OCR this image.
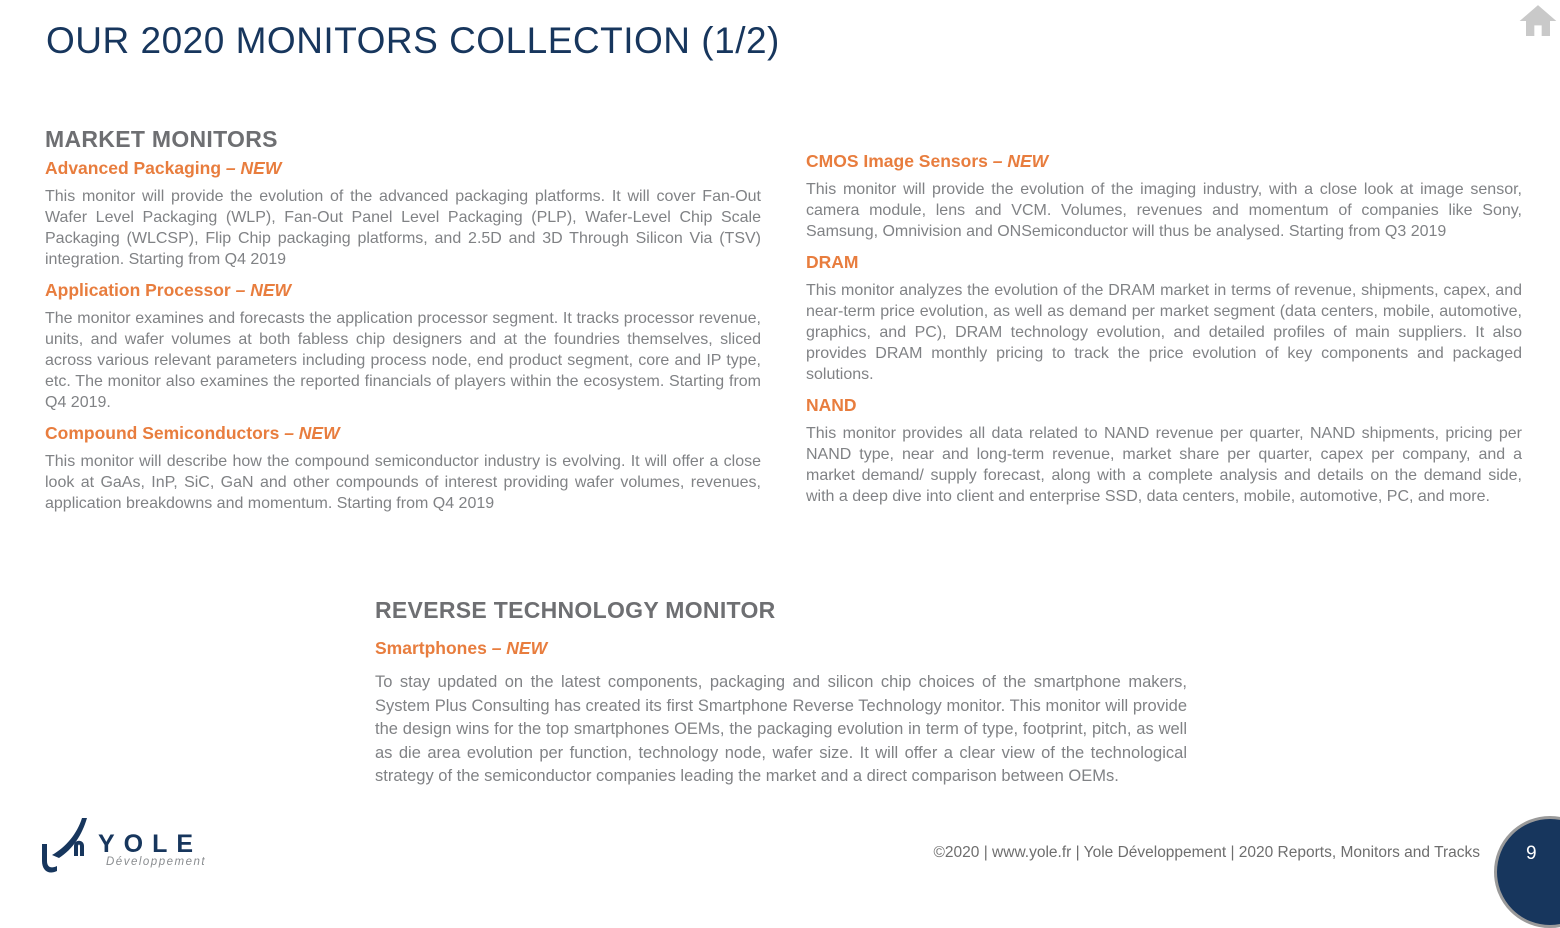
OUR 2020 MONITORS COLLECTION (1/2)
MARKET MONITORS
Advanced Packaging – NEW

This monitor will provide the evolution of the advanced packaging platforms. It will cover Fan-Out Wafer Level Packaging (WLP), Fan-Out Panel Level Packaging (PLP), Wafer-Level Chip Scale Packaging (WLCSP), Flip Chip packaging platforms, and 2.5D and 3D Through Silicon Via (TSV) integration. Starting from Q4 2019

Application Processor – NEW

The monitor examines and forecasts the application processor segment. It tracks processor revenue, units, and wafer volumes at both fabless chip designers and at the foundries themselves, sliced across various relevant parameters including process node, end product segment, core and IP type, etc. The monitor also examines the reported financials of players within the ecosystem. Starting from Q4 2019.

Compound Semiconductors – NEW

This monitor will describe how the compound semiconductor industry is evolving. It will offer a close look at GaAs, InP, SiC, GaN and other compounds of interest providing wafer volumes, revenues, application breakdowns and momentum. Starting from Q4 2019

CMOS Image Sensors – NEW

This monitor will provide the evolution of the imaging industry, with a close look at image sensor, camera module, lens and VCM. Volumes, revenues and momentum of companies like Sony, Samsung, Omnivision and ONSemiconductor will thus be analysed. Starting from Q3 2019

DRAM

This monitor analyzes the evolution of the DRAM market in terms of revenue, shipments, capex, and near-term price evolution, as well as demand per market segment (data centers, mobile, automotive, graphics, and PC), DRAM technology evolution, and detailed profiles of main suppliers. It also provides DRAM monthly pricing to track the price evolution of key components and packaged solutions.

NAND

This monitor provides all data related to NAND revenue per quarter, NAND shipments, pricing per NAND type, near and long-term revenue, market share per quarter, capex per company, and a market demand/ supply forecast, along with a complete analysis and details on the demand side, with a deep dive into client and enterprise SSD, data centers, mobile, automotive, PC, and more.

REVERSE TECHNOLOGY MONITOR
Smartphones – NEW

To stay updated on the latest components, packaging and silicon chip choices of the smartphone makers, System Plus Consulting has created its first Smartphone Reverse Technology monitor. This monitor will provide the design wins for the top smartphones OEMs, the packaging evolution in term of type, footprint, pitch, as well as die area evolution per function, technology node, wafer size. It will offer a clear view of the technological strategy of the semiconductor companies leading the market and a direct comparison between OEMs.

YOLE
Développement
©2020 | www.yole.fr | Yole Développement | 2020 Reports, Monitors and Tracks 9
